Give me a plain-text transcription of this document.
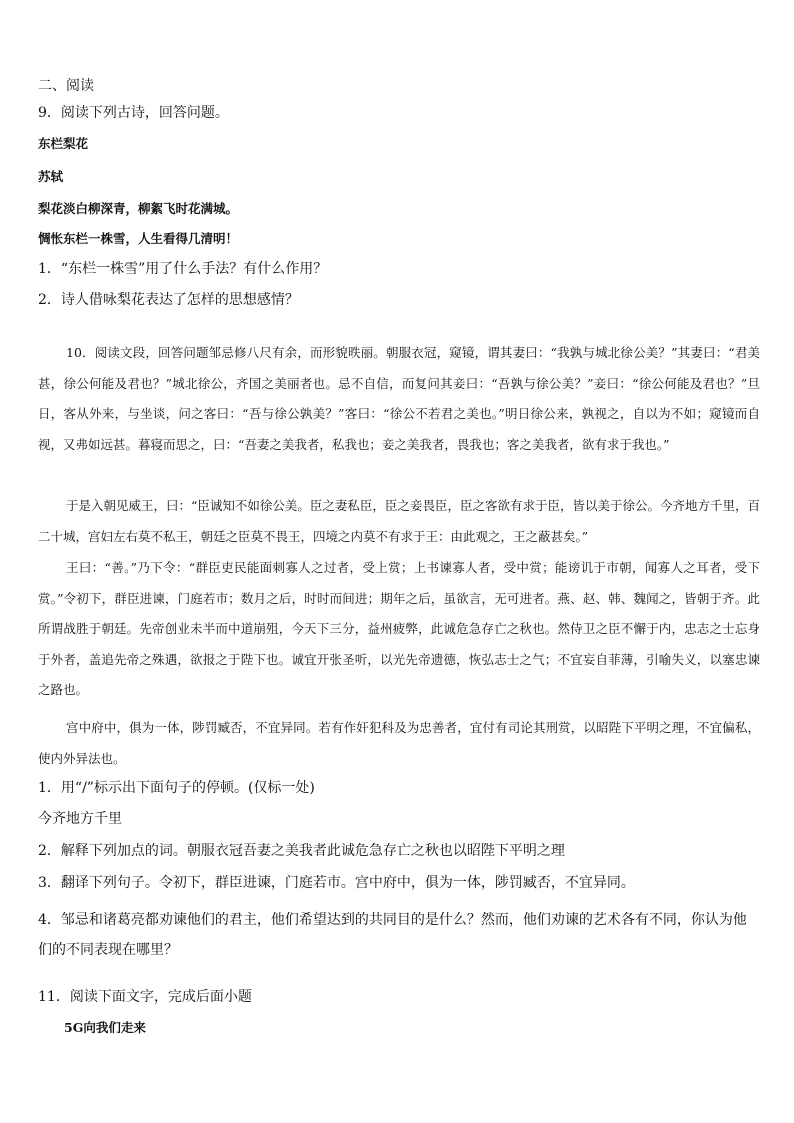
二、阅读
9．阅读下列古诗，回答问题。
东栏梨花
苏轼
梨花淡白柳深青，柳絮飞时花满城。
惆怅东栏一株雪，人生看得几清明！
1．“东栏一株雪”用了什么手法？有什么作用？
2．诗人借咏梨花表达了怎样的思想感情？
10．阅读文段，回答问题邹忌修八尺有余，而形貌昳丽。朝服衣冠，窥镜，谓其妻曰：“我孰与城北徐公美？”其妻曰：“君美甚，徐公何能及君也？”城北徐公，齐国之美丽者也。忌不自信，而复问其妾曰：“吾孰与徐公美？”妾曰：“徐公何能及君也？”旦日，客从外来，与坐谈，问之客曰：“吾与徐公孰美？”客曰：“徐公不若君之美也。”明日徐公来，孰视之，自以为不如；窥镜而自视，又弗如远甚。暮寝而思之，曰：“吾妻之美我者，私我也；妾之美我者，畏我也；客之美我者，欲有求于我也。”
于是入朝见威王，曰：“臣诚知不如徐公美。臣之妻私臣，臣之妾畏臣，臣之客欲有求于臣，皆以美于徐公。今齐地方千里，百二十城，宫妇左右莫不私王，朝廷之臣莫不畏王，四境之内莫不有求于王：由此观之，王之蔽甚矣。”
王曰：“善。”乃下令：“群臣吏民能面刺寡人之过者，受上赏；上书谏寡人者，受中赏；能谤讥于市朝，闻寡人之耳者，受下赏。”令初下，群臣进谏，门庭若市；数月之后，时时而间进；期年之后，虽欲言，无可进者。燕、赵、韩、魏闻之，皆朝于齐。此所谓战胜于朝廷。先帝创业未半而中道崩殂，今天下三分，益州疲弊，此诚危急存亡之秋也。然侍卫之臣不懈于内，忠志之士忘身于外者，盖追先帝之殊遇，欲报之于陛下也。诚宜开张圣听，以光先帝遗德，恢弘志士之气；不宜妄自菲薄，引喻失义，以塞忠谏之路也。
宫中府中，俱为一体，陟罚臧否，不宜异同。若有作奸犯科及为忠善者，宜付有司论其刑赏，以昭陛下平明之理，不宜偏私，使内外异法也。
1．用“/”标示出下面句子的停顿。(仅标一处)
今齐地方千里
2．解释下列加点的词。朝服衣冠吾妻之美我者此诚危急存亡之秋也以昭陛下平明之理
3．翻译下列句子。令初下，群臣进谏，门庭若市。宫中府中，俱为一体，陟罚臧否，不宜异同。
4．邹忌和诸葛亮都劝谏他们的君主，他们希望达到的共同目的是什么？然而，他们劝谏的艺术各有不同，你认为他们的不同表现在哪里？
11．阅读下面文字，完成后面小题
5G向我们走来
